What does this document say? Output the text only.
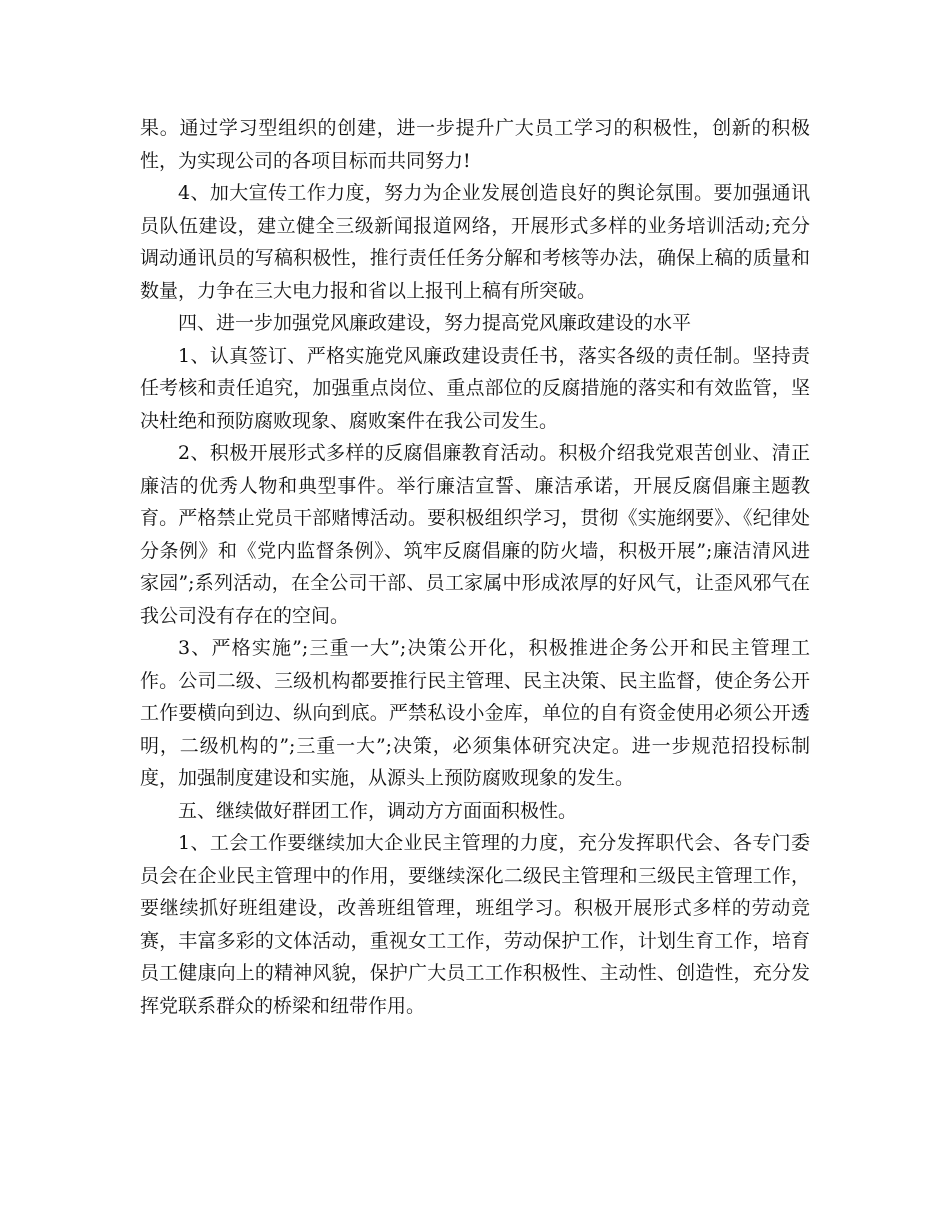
果。通过学习型组织的创建，进一步提升广大员工学习的积极性，创新的积极性，为实现公司的各项目标而共同努力!

4、加大宣传工作力度，努力为企业发展创造良好的舆论氛围。要加强通讯员队伍建设，建立健全三级新闻报道网络，开展形式多样的业务培训活动;充分调动通讯员的写稿积极性，推行责任任务分解和考核等办法，确保上稿的质量和数量，力争在三大电力报和省以上报刊上稿有所突破。

四、进一步加强党风廉政建设，努力提高党风廉政建设的水平

1、认真签订、严格实施党风廉政建设责任书，落实各级的责任制。坚持责任考核和责任追究，加强重点岗位、重点部位的反腐措施的落实和有效监管，坚决杜绝和预防腐败现象、腐败案件在我公司发生。

2、积极开展形式多样的反腐倡廉教育活动。积极介绍我党艰苦创业、清正廉洁的优秀人物和典型事件。举行廉洁宣誓、廉洁承诺，开展反腐倡廉主题教育。严格禁止党员干部赌博活动。要积极组织学习，贯彻《实施纲要》、《纪律处分条例》和《党内监督条例》、筑牢反腐倡廉的防火墙，积极开展”;廉洁清风进家园”;系列活动，在全公司干部、员工家属中形成浓厚的好风气，让歪风邪气在我公司没有存在的空间。

3、严格实施”;三重一大”;决策公开化，积极推进企务公开和民主管理工作。公司二级、三级机构都要推行民主管理、民主决策、民主监督，使企务公开工作要横向到边、纵向到底。严禁私设小金库，单位的自有资金使用必须公开透明，二级机构的”;三重一大”;决策，必须集体研究决定。进一步规范招投标制度，加强制度建设和实施，从源头上预防腐败现象的发生。

五、继续做好群团工作，调动方方面面积极性。

1、工会工作要继续加大企业民主管理的力度，充分发挥职代会、各专门委员会在企业民主管理中的作用，要继续深化二级民主管理和三级民主管理工作，要继续抓好班组建设，改善班组管理，班组学习。积极开展形式多样的劳动竞赛，丰富多彩的文体活动，重视女工工作，劳动保护工作，计划生育工作，培育员工健康向上的精神风貌，保护广大员工工作积极性、主动性、创造性，充分发挥党联系群众的桥梁和纽带作用。
